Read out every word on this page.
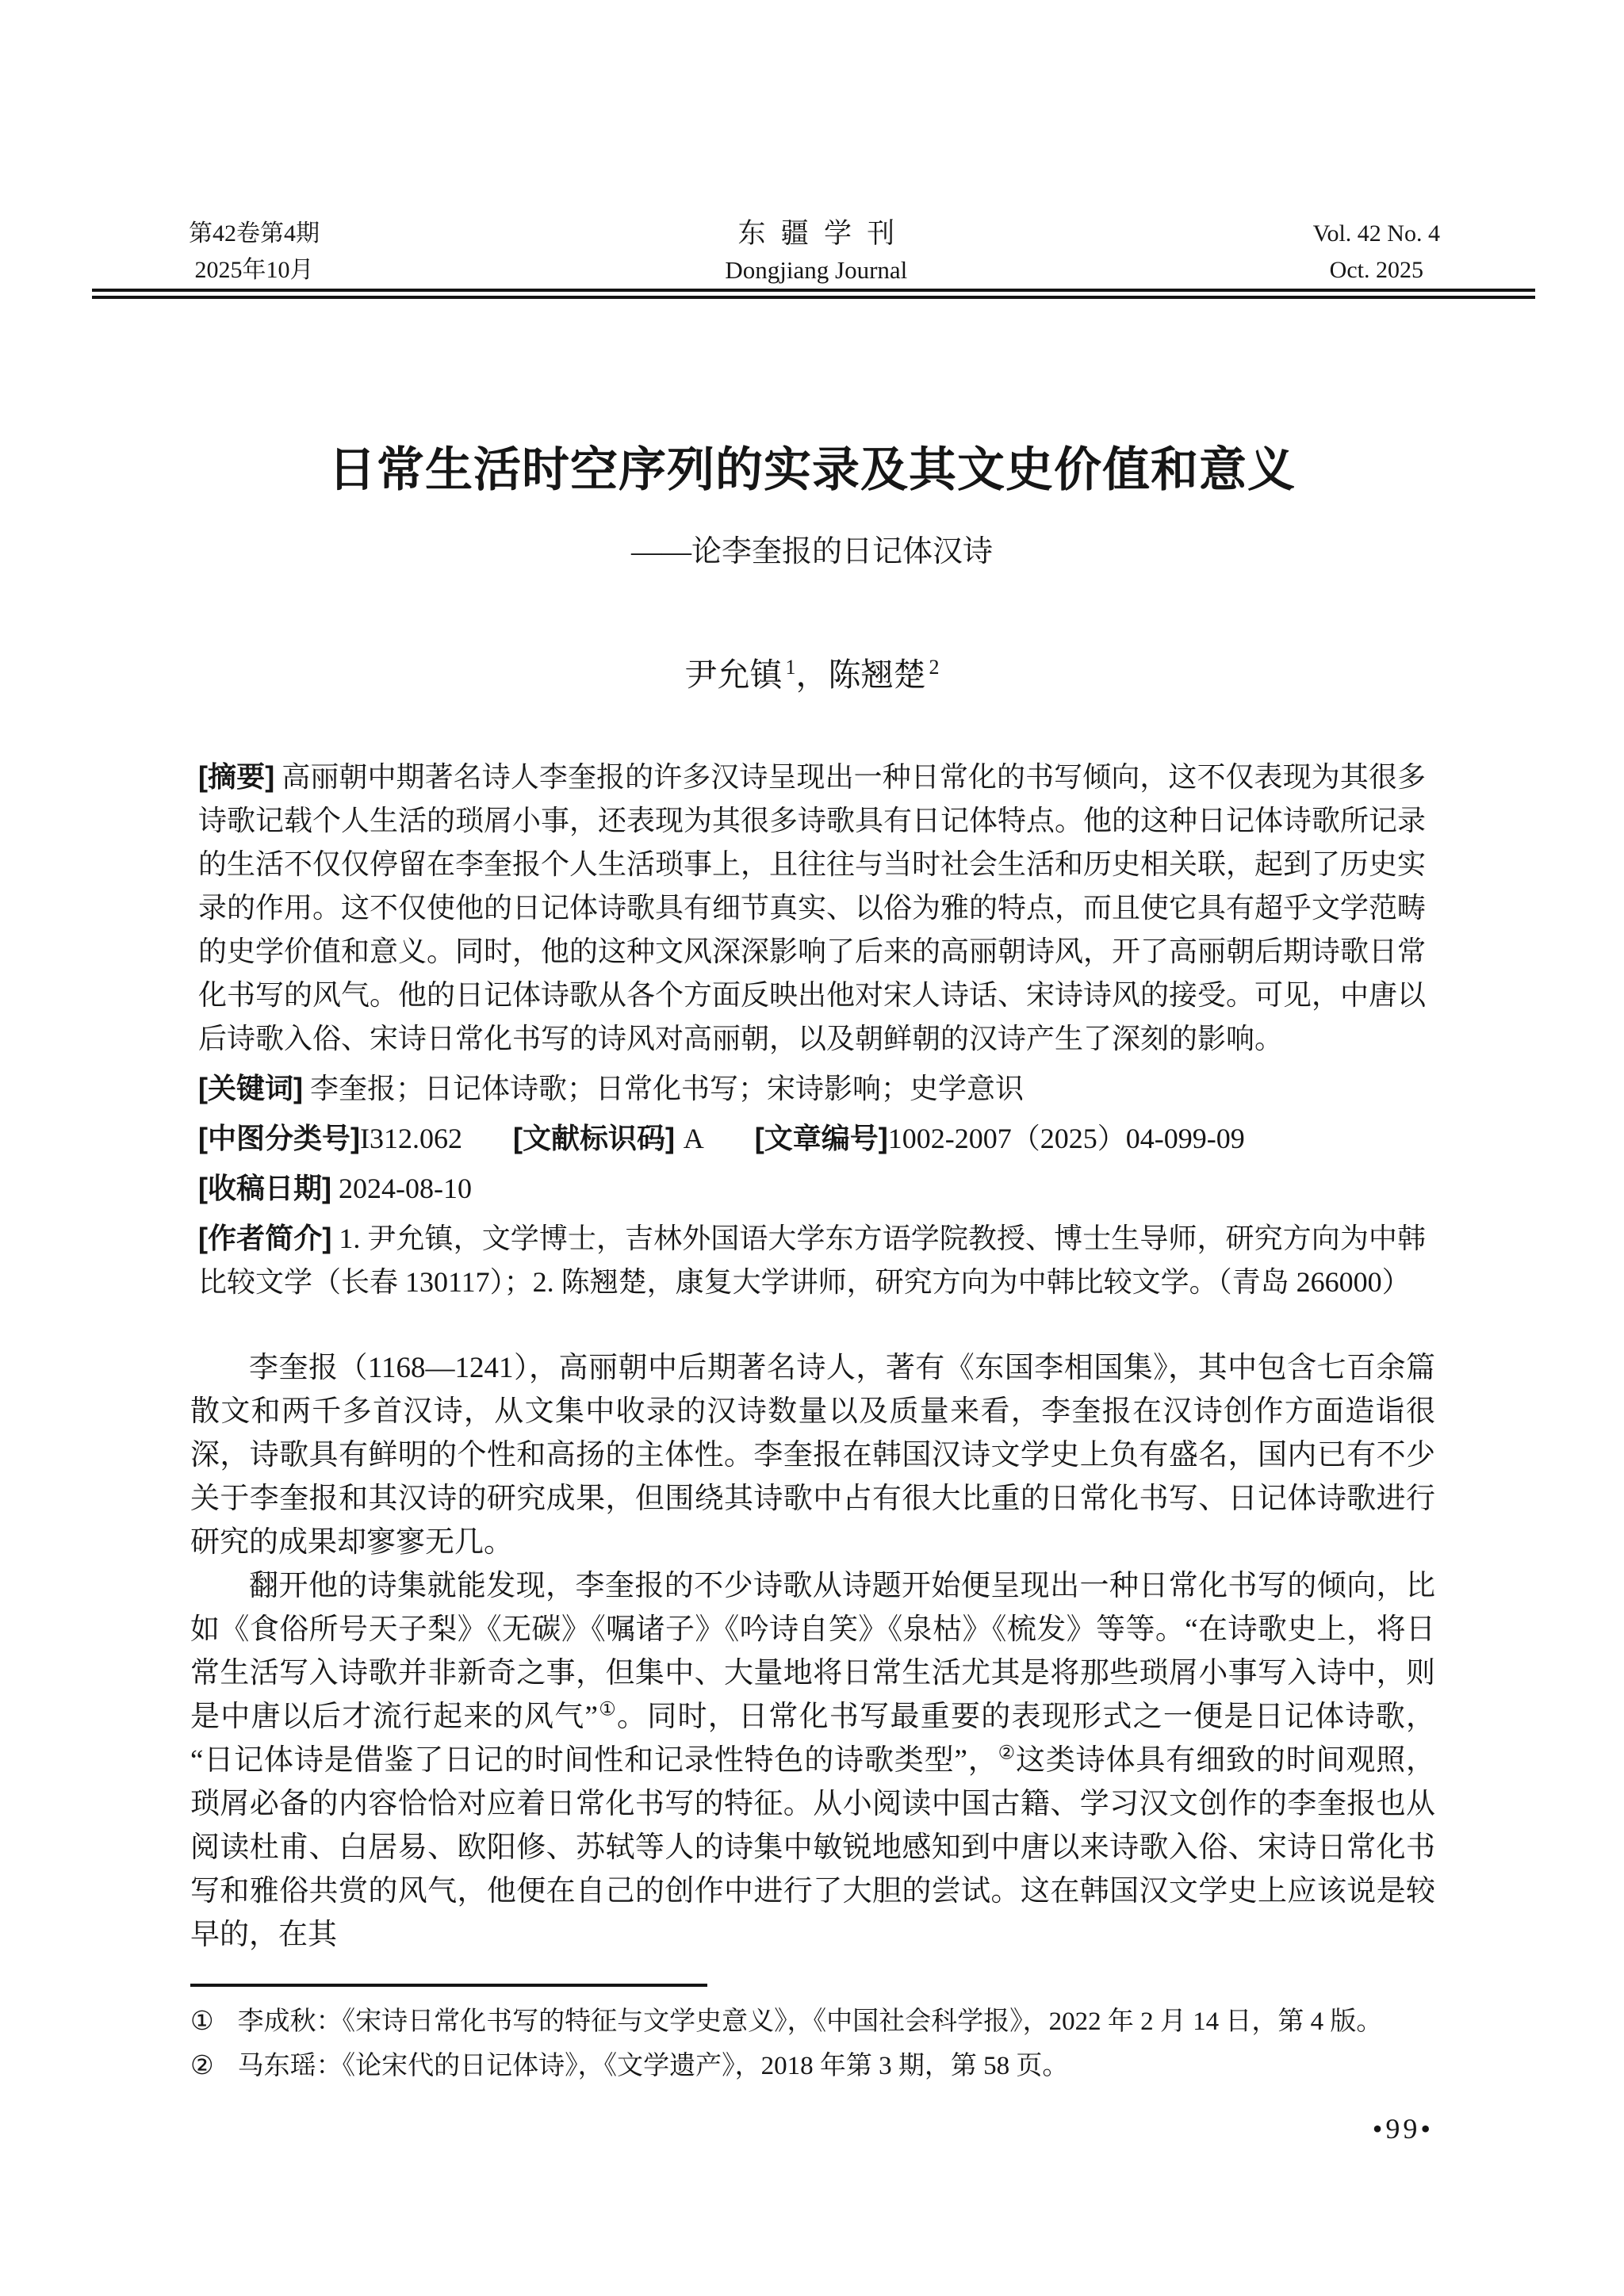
第42卷第4期
2025年10月
东疆学刊
Dongjiang Journal
Vol. 42 No. 4
Oct. 2025
日常生活时空序列的实录及其文史价值和意义
——论李奎报的日记体汉诗
尹允镇 $^1$，陈翘楚 $^2$

[摘要] 高丽朝中期著名诗人李奎报的许多汉诗呈现出一种日常化的书写倾向，这不仅表现为其很多诗歌记载个人生活的琐屑小事，还表现为其很多诗歌具有日记体特点。他的这种日记体诗歌所记录的生活不仅仅停留在李奎报个人生活琐事上，且往往与当时社会生活和历史相关联，起到了历史实录的作用。这不仅使他的日记体诗歌具有细节真实、以俗为雅的特点，而且使它具有超乎文学范畴的史学价值和意义。同时，他的这种文风深深影响了后来的高丽朝诗风，开了高丽朝后期诗歌日常化书写的风气。他的日记体诗歌从各个方面反映出他对宋人诗话、宋诗诗风的接受。可见，中唐以后诗歌入俗、宋诗日常化书写的诗风对高丽朝，以及朝鲜朝的汉诗产生了深刻的影响。

[关键词] 李奎报；日记体诗歌；日常化书写；宋诗影响；史学意识

[中图分类号]I312.062 [文献标识码] A [文章编号]1002-2007（2025）04-099-09

[收稿日期] 2024-08-10

[作者简介] 1. 尹允镇，文学博士，吉林外国语大学东方语学院教授、博士生导师，研究方向为中韩比较文学（长春 130117）；2. 陈翘楚，康复大学讲师，研究方向为中韩比较文学。（青岛 266000）

李奎报（1168—1241），高丽朝中后期著名诗人，著有《东国李相国集》，其中包含七百余篇散文和两千多首汉诗，从文集中收录的汉诗数量以及质量来看，李奎报在汉诗创作方面造诣很深，诗歌具有鲜明的个性和高扬的主体性。李奎报在韩国汉诗文学史上负有盛名，国内已有不少关于李奎报和其汉诗的研究成果，但围绕其诗歌中占有很大比重的日常化书写、日记体诗歌进行研究的成果却寥寥无几。

翻开他的诗集就能发现，李奎报的不少诗歌从诗题开始便呈现出一种日常化书写的倾向，比如《食俗所号天子梨》《无碳》《嘱诸子》《吟诗自笑》《泉枯》《梳发》等等。“在诗歌史上，将日常生活写入诗歌并非新奇之事，但集中、大量地将日常生活尤其是将那些琐屑小事写入诗中，则是中唐以后才流行起来的风气”①。同时，日常化书写最重要的表现形式之一便是日记体诗歌，“日记体诗是借鉴了日记的时间性和记录性特色的诗歌类型”，②这类诗体具有细致的时间观照，琐屑必备的内容恰恰对应着日常化书写的特征。从小阅读中国古籍、学习汉文创作的李奎报也从阅读杜甫、白居易、欧阳修、苏轼等人的诗集中敏锐地感知到中唐以来诗歌入俗、宋诗日常化书写和雅俗共赏的风气，他便在自己的创作中进行了大胆的尝试。这在韩国汉文学史上应该说是较早的，在其

① 李成秋：《宋诗日常化书写的特征与文学史意义》，《中国社会科学报》，2022 年 2 月 14 日，第 4 版。
② 马东瑶：《论宋代的日记体诗》，《文学遗产》，2018 年第 3 期，第 58 页。
•99•
